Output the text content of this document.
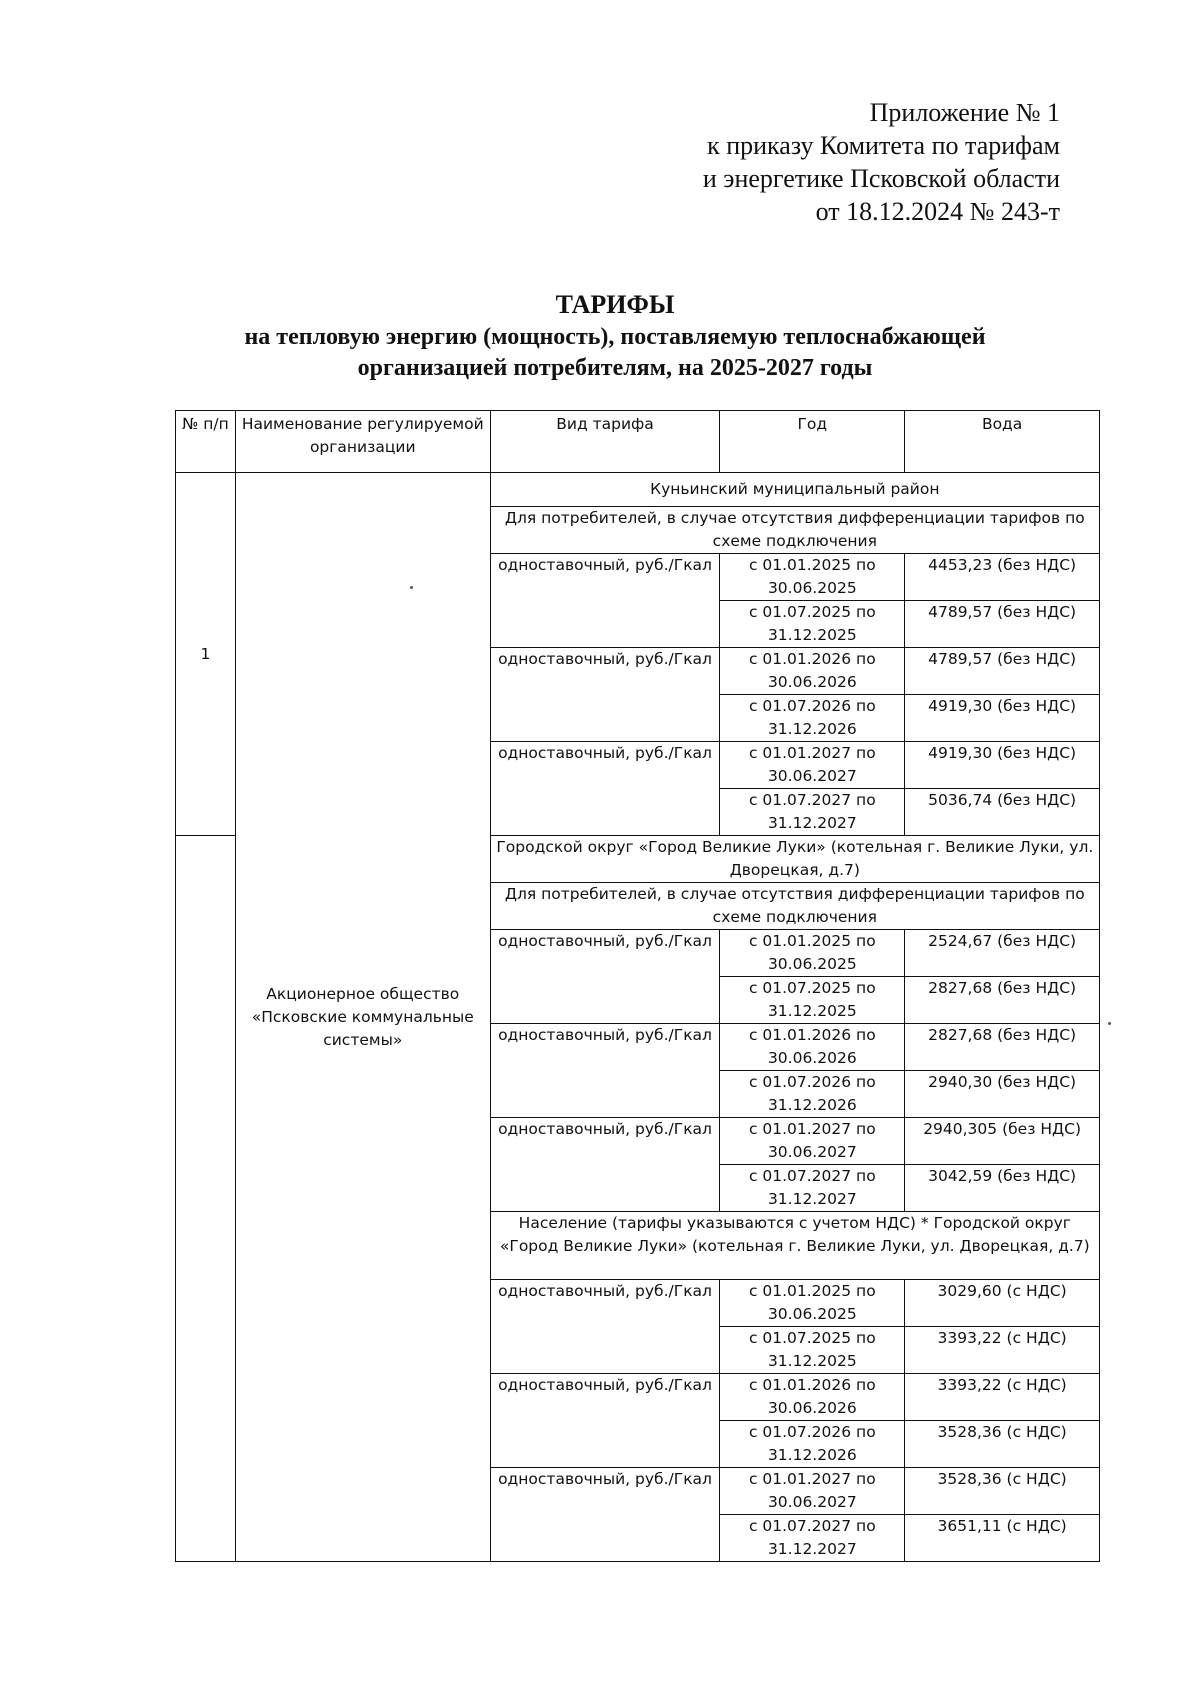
Приложение № 1
к приказу Комитета по тарифам
и энергетике Псковской области
от 18.12.2024 № 243-т
ТАРИФЫ
на тепловую энергию (мощность), поставляемую теплоснабжающей
организацией потребителям, на 2025-2027 годы
№ п/п	Наименование регулируемой организации	Вид тарифа	Год	Вода
1	Акционерное общество «Псковские коммунальные системы»	Куньинский муниципальный район		
		Для потребителей, в случае отсутствия дифференциации тарифов по схеме подключения		
		одноставочный, руб./Гкал	с 01.01.2025 по 30.06.2025	4453,23 (без НДС)
			с 01.07.2025 по 31.12.2025	4789,57 (без НДС)
		одноставочный, руб./Гкал	с 01.01.2026 по 30.06.2026	4789,57 (без НДС)
			с 01.07.2026 по 31.12.2026	4919,30 (без НДС)
		одноставочный, руб./Гкал	с 01.01.2027 по 30.06.2027	4919,30 (без НДС)
			с 01.07.2027 по 31.12.2027	5036,74 (без НДС)
		Городской округ «Город Великие Луки» (котельная г. Великие Луки, ул. Дворецкая, д.7)		
		Для потребителей, в случае отсутствия дифференциации тарифов по схеме подключения		
		одноставочный, руб./Гкал	с 01.01.2025 по 30.06.2025	2524,67 (без НДС)
			с 01.07.2025 по 31.12.2025	2827,68 (без НДС)
		одноставочный, руб./Гкал	с 01.01.2026 по 30.06.2026	2827,68 (без НДС)
			с 01.07.2026 по 31.12.2026	2940,30 (без НДС)
		одноставочный, руб./Гкал	с 01.01.2027 по 30.06.2027	2940,305 (без НДС)
			с 01.07.2027 по 31.12.2027	3042,59 (без НДС)
		Население (тарифы указываются с учетом НДС) * Городской округ «Город Великие Луки» (котельная г. Великие Луки, ул. Дворецкая, д.7)		
		одноставочный, руб./Гкал	с 01.01.2025 по 30.06.2025	3029,60 (с НДС)
			с 01.07.2025 по 31.12.2025	3393,22 (с НДС)
		одноставочный, руб./Гкал	с 01.01.2026 по 30.06.2026	3393,22 (с НДС)
			с 01.07.2026 по 31.12.2026	3528,36 (с НДС)
		одноставочный, руб./Гкал	с 01.01.2027 по 30.06.2027	3528,36 (с НДС)
			с 01.07.2027 по 31.12.2027	3651,11 (с НДС)
